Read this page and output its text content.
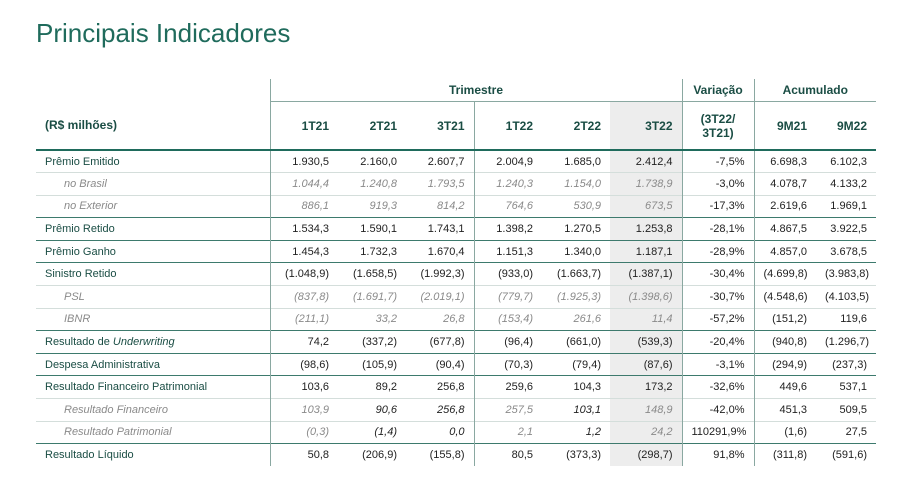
Principais Indicadores
	Trimestre						Variação	Acumulado	
(R$ milhões)	1T21	2T21	3T21	1T22	2T22	3T22	(3T22/ 3T21)	9M21	9M22
Prêmio Emitido	1.930,5	2.160,0	2.607,7	2.004,9	1.685,0	2.412,4	-7,5%	6.698,3	6.102,3
no Brasil	1.044,4	1.240,8	1.793,5	1.240,3	1.154,0	1.738,9	-3,0%	4.078,7	4.133,2
no Exterior	886,1	919,3	814,2	764,6	530,9	673,5	-17,3%	2.619,6	1.969,1
Prêmio Retido	1.534,3	1.590,1	1.743,1	1.398,2	1.270,5	1.253,8	-28,1%	4.867,5	3.922,5
Prêmio Ganho	1.454,3	1.732,3	1.670,4	1.151,3	1.340,0	1.187,1	-28,9%	4.857,0	3.678,5
Sinistro Retido	(1.048,9)	(1.658,5)	(1.992,3)	(933,0)	(1.663,7)	(1.387,1)	-30,4%	(4.699,8)	(3.983,8)
PSL	(837,8)	(1.691,7)	(2.019,1)	(779,7)	(1.925,3)	(1.398,6)	-30,7%	(4.548,6)	(4.103,5)
IBNR	(211,1)	33,2	26,8	(153,4)	261,6	11,4	-57,2%	(151,2)	119,6
Resultado de Underwriting	74,2	(337,2)	(677,8)	(96,4)	(661,0)	(539,3)	-20,4%	(940,8)	(1.296,7)
Despesa Administrativa	(98,6)	(105,9)	(90,4)	(70,3)	(79,4)	(87,6)	-3,1%	(294,9)	(237,3)
Resultado Financeiro Patrimonial	103,6	89,2	256,8	259,6	104,3	173,2	-32,6%	449,6	537,1
Resultado Financeiro	103,9	90,6	256,8	257,5	103,1	148,9	-42,0%	451,3	509,5
Resultado Patrimonial	(0,3)	(1,4)	0,0	2,1	1,2	24,2	110291,9%	(1,6)	27,5
Resultado Líquido	50,8	(206,9)	(155,8)	80,5	(373,3)	(298,7)	91,8%	(311,8)	(591,6)
